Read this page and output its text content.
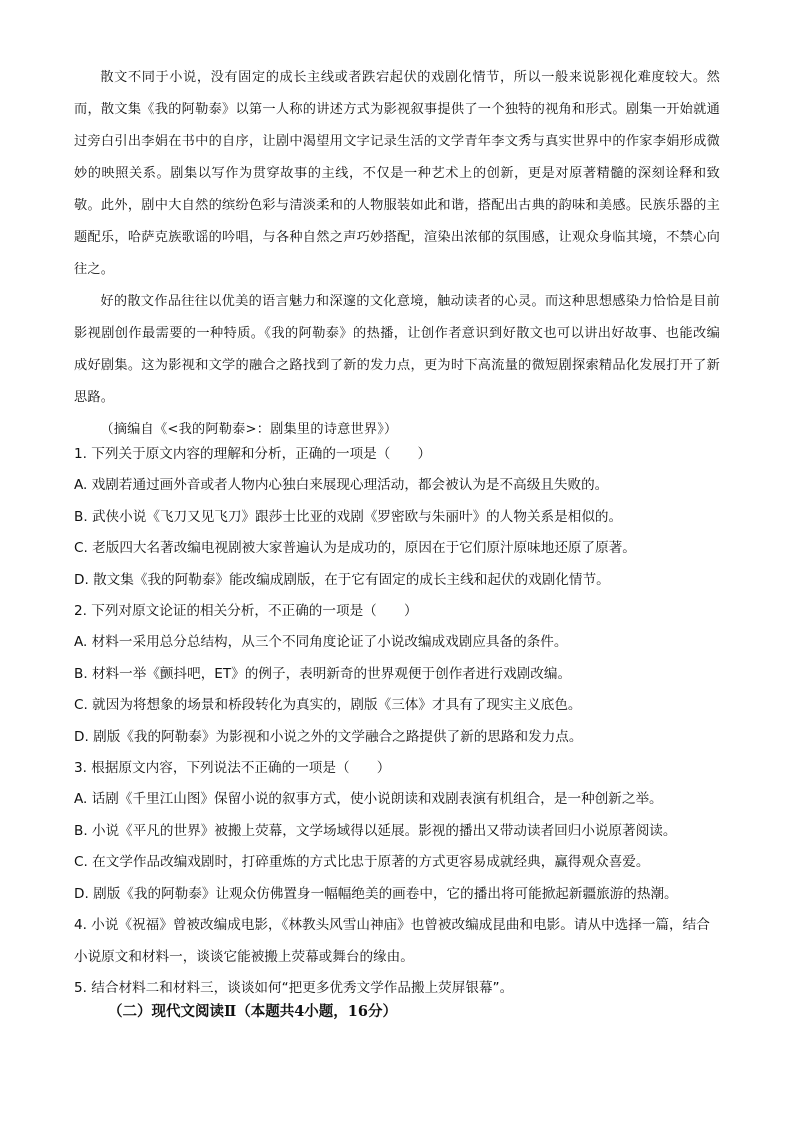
散文不同于小说，没有固定的成长主线或者跌宕起伏的戏剧化情节，所以一般来说影视化难度较大。然而，散文集《我的阿勒泰》以第一人称的讲述方式为影视叙事提供了一个独特的视角和形式。剧集一开始就通过旁白引出李娟在书中的自序，让剧中渴望用文字记录生活的文学青年李文秀与真实世界中的作家李娟形成微妙的映照关系。剧集以写作为贯穿故事的主线，不仅是一种艺术上的创新，更是对原著精髓的深刻诠释和致敬。此外，剧中大自然的缤纷色彩与清淡柔和的人物服装如此和谐，搭配出古典的韵味和美感。民族乐器的主题配乐，哈萨克族歌谣的吟唱，与各种自然之声巧妙搭配，渲染出浓郁的氛围感，让观众身临其境，不禁心向往之。

好的散文作品往往以优美的语言魅力和深邃的文化意境，触动读者的心灵。而这种思想感染力恰恰是目前影视剧创作最需要的一种特质。《我的阿勒泰》的热播，让创作者意识到好散文也可以讲出好故事、也能改编成好剧集。这为影视和文学的融合之路找到了新的发力点，更为时下高流量的微短剧探索精品化发展打开了新思路。

（摘编自《<我的阿勒泰>：剧集里的诗意世界》）

1. 下列关于原文内容的理解和分析，正确的一项是（　　）

A. 戏剧若通过画外音或者人物内心独白来展现心理活动，都会被认为是不高级且失败的。

B. 武侠小说《飞刀又见飞刀》跟莎士比亚的戏剧《罗密欧与朱丽叶》的人物关系是相似的。

C. 老版四大名著改编电视剧被大家普遍认为是成功的，原因在于它们原汁原味地还原了原著。

D. 散文集《我的阿勒泰》能改编成剧版，在于它有固定的成长主线和起伏的戏剧化情节。

2. 下列对原文论证的相关分析，不正确的一项是（　　）

A. 材料一采用总分总结构，从三个不同角度论证了小说改编成戏剧应具备的条件。

B. 材料一举《颤抖吧，ET》的例子，表明新奇的世界观便于创作者进行戏剧改编。

C. 就因为将想象的场景和桥段转化为真实的，剧版《三体》才具有了现实主义底色。

D. 剧版《我的阿勒泰》为影视和小说之外的文学融合之路提供了新的思路和发力点。

3. 根据原文内容，下列说法不正确的一项是（　　）

A. 话剧《千里江山图》保留小说的叙事方式，使小说朗读和戏剧表演有机组合，是一种创新之举。

B. 小说《平凡的世界》被搬上荧幕，文学场域得以延展。影视的播出又带动读者回归小说原著阅读。

C. 在文学作品改编戏剧时，打碎重炼的方式比忠于原著的方式更容易成就经典，赢得观众喜爱。

D. 剧版《我的阿勒泰》让观众仿佛置身一幅幅绝美的画卷中，它的播出将可能掀起新疆旅游的热潮。

4. 小说《祝福》曾被改编成电影，《林教头风雪山神庙》也曾被改编成昆曲和电影。请从中选择一篇，结合小说原文和材料一，谈谈它能被搬上荧幕或舞台的缘由。

5. 结合材料二和材料三，谈谈如何“把更多优秀文学作品搬上荧屏银幕”。

（二）现代文阅读Ⅱ（本题共4小题，16分）
